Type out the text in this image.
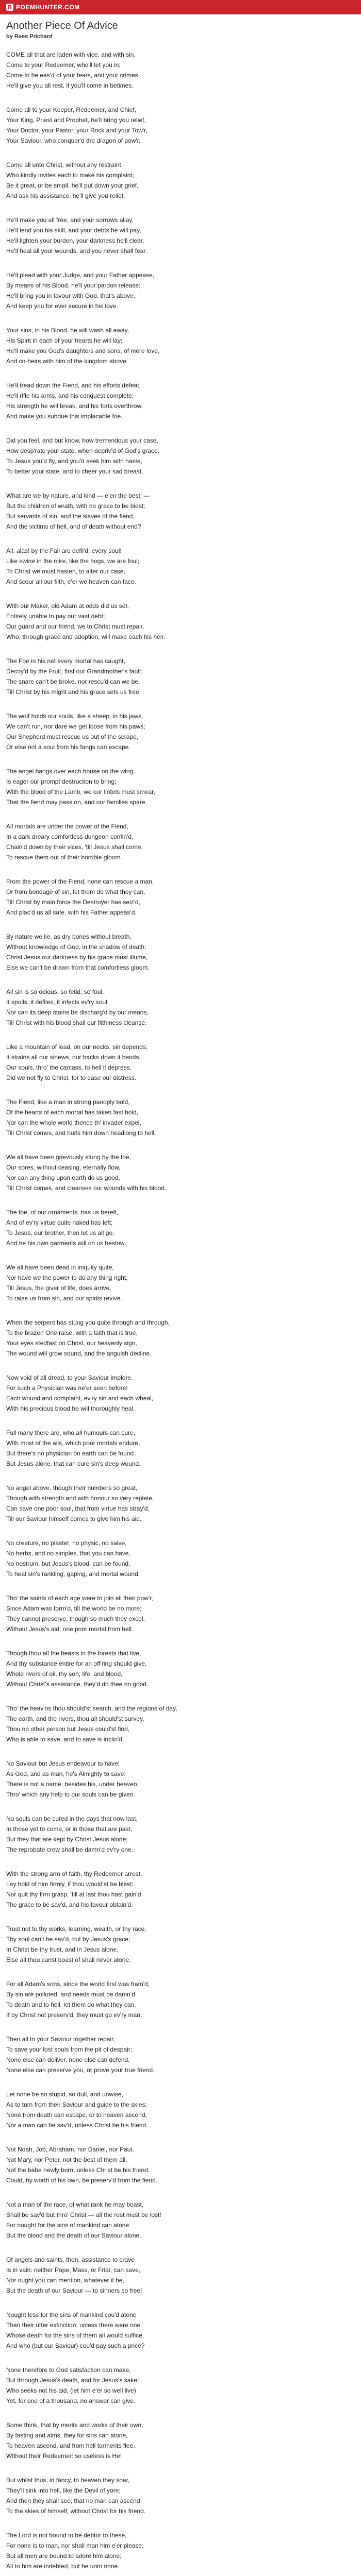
POEMHUNTER.COM
Another Piece Of Advice
by Rees Prichard
COME all that are laden with vice, and with sin,
Come to your Redeemer, who'll let you in;
Come to be eas'd of your fears, and your crimes,
He'll give you all rest, if you'll come in betimes.
Come all to your Keeper, Redeemer, and Chief,
Your King, Priest and Prophet, he'll bring you relief,
Your Doctor, your Pastor, your Rock and your Tow'r,
Your Saviour, who conquer'd the dragon of pow'r.
Come all unto Christ, without any restraint,
Who kindly invites each to make his complaint;
Be it great, or be small, he'll put down your grief,
And ask his assistance, he'll give you relief.
He'll make you all free, and your sorrows allay,
He'll lend you his skill, and your debts he will pay,
He'll lighten your burden, your darkness he'll clear,
He'll heal all your wounds, and you never shall fear.
He'll plead with your Judge, and your Father appease,
By means of his Blood, he'll your pardon release;
He'll bring you in favour with God, that's above,
And keep you for ever secure in his love.
Your sins, in his Blood, he will wash all away,
His Spirit in each of your hearts he will lay;
He'll make you God's daughters and sons, of mere love,
And co-heirs with him of the kingdom above.
He'll tread down the Fiend, and his efforts defeat,
He'll rifle his arms, and his conquest complete;
His strength he will break, and his forts overthrow,
And make you subdue this implacable foe.
Did you feel, and but know, how tremendous your case,
How desp'rate your state, when depriv'd of God's grace,
To Jesus you'd fly, and you'd seek him with haste,
To better your state, and to cheer your sad breast.
What are we by nature, and kind — e'en the best! —
But the children of wrath, with no grace to be blest;
But servants of sin, and the slaves of the fiend,
And the victims of hell, and of death without end?
All, alas! by the Fall are defil'd, every soul!
Like swine in the mire, like the hogs, we are foul;
To Christ we must hasten, to alter our case,
And scour all our filth, e'er we heaven can face.
With our Maker, old Adam at odds did us set,
Entirely unable to pay our vast debt;
Our guard and our friend, we to Christ must repair,
Who, through grace and adoption, will make each his heir.
The Foe in his net every mortal has caught,
Decoy'd by the Fruit, first our Grandmother's fault;
The snare can't be broke, nor rescu'd can we be,
Till Christ by his might and his grace sets us free.
The wolf holds our souls, like a sheep, in his jaws,
We can't run, nor dare we get loose from his paws;
Our Shepherd must rescue us out of the scrape,
Or else not a soul from his fangs can escape.
The angel hangs over each house on the wing,
Is eager our prompt destruction to bring;
With the blood of the Lamb, we our lintels must smear,
That the fiend may pass on, and our families spare.
All mortals are under the power of the Fiend,
In a dark dreary comfortless dungeon confin'd,
Chain'd down by their vices, 'till Jesus shall come,
To rescue them out of their horrible gloom.
From the power of the Fiend, none can rescue a man,
Or from bondage of sin, let them do what they can,
Till Christ by main force the Destroyer has seiz'd,
And plac'd us all safe, with his Father appeas'd.
By nature we lie, as dry bones without breath,
Without knowledge of God, in the shadow of death;
Christ Jesus our darkness by his grace must illume,
Else we can't be drawn from that comfortless gloom.
All sin is so odious, so fetid, so foul,
It spoils, it defiles, it infects ev'ry soul;
Nor can its deep stains be discharg'd by our means,
Till Christ with his blood shall our filthiness cleanse.
Like a mountain of lead, on our necks, sin depends;
It strains all our sinews, our backs down it bends,
Our souls, thro' the carcass, to hell it depress,
Did we not fly to Christ, for to ease our distress.
The Fiend, like a man in strong panoply bold,
Of the hearts of each mortal has taken fast hold,
Nor can the whole world thence th' invader expel,
Till Christ comes, and hurls him down headlong to hell.
We all have been grievously stung by the foe,
Our sores, without ceasing, eternally flow,
Nor can any thing upon earth do us good,
Till Christ comes, and cleanses our wounds with his blood.
The foe, of our ornaments, has us bereft,
And of ev'ry virtue quite naked has left;
To Jesus, our brother, then let us all go,
And he his own garments will on us bestow.
We all have been dead in iniquity quite,
Nor have we the power to do any thing right,
Till Jesus, the giver of life, does arrive,
To raise us from sin, and our spirits revive.
When the serpent has stung you quite through and through,
To the brazen One raise, with a faith that is true,
Your eyes stedfast on Christ, our heavenly sign,
The wound will grow sound, and the anguish decline.
Now void of all dread, to your Saviour implore,
For such a Physician was ne'er seen before!
Each wound and complaint, ev'ry sin and each wheal,
With his precious blood he will thoroughly heal.
Full many there are, who all humours can cure,
With most of the ails, which poor mortals endure,
But there's no physician on earth can be found
But Jesus alone, that can cure sin's deep wound.
No angel above, though their numbers so great,
Though with strength and with honour so very replete,
Can save one poor soul, that from virtue has stray'd,
Till our Saviour himself comes to give him his aid.
No creature, no plaster, no physic, no salve,
No herbs, and no simples, that you can have,
No nostrum, but Jesus's blood, can be found,
To heal sin's rankling, gaping, and mortal wound.
Tho' the saints of each age were to join all their pow'r,
Since Adam was form'd, till the world be no more;
They cannot preserve, though so much they excel,
Without Jesus's aid, one poor mortal from hell.
Though thou all the beasts in the forests that live,
And thy substance entire for an off'ring should give,
Whole rivers of oil, thy son, life, and blood,
Without Christ's assistance, they'd do thee no good.
Tho' the heav'ns thou should'st search, and the regions of day,
The earth, and the rivers, thou all should'st survey,
Thou no other person but Jesus could'st find,
Who is able to save, and to save is inclin'd.
No Saviour but Jesus endeavour to have!
As God, and as man, he's Almighty to save:
There is not a name, besides his, under heaven,
Thro' which any help to our souls can be given.
No souls can be cured in the days that now last,
In those yet to come, or in those that are past,
But they that are kept by Christ Jesus alone;
The reprobate crew shall be damn'd ev'ry one.
With the strong arm of faith, thy Redeemer arrest,
Lay hold of him firmly, if thou would'st be blest;
Nor quit thy firm grasp, 'till at last thou hast gain'd
The grace to be sav'd, and his favour obtain'd.
Trust not to thy works, learning, wealth, or thy race,
Thy soul can't be sav'd, but by Jesus's grace;
In Christ be thy trust, and in Jesus alone,
Else all thou canst boast of shall never atone.
For all Adam's sons, since the world first was fram'd,
By sin are polluted, and needs must be damn'd
To death and to hell, let them do what they can,
If by Christ not preserv'd, they must go ev'ry man.
Then all to your Saviour together repair,
To save your lost souls from the pit of despair;
None else can deliver, none else can defend,
None else can preserve you, or prove your true friend.
Let none be so stupid, so dull, and unwise,
As to turn from their Saviour and guide to the skies;
None from death can escape, or to heaven ascend,
Nor a man can be sav'd, unless Christ be his friend.
Not Noah, Job, Abraham, nor Daniel, nor Paul,
Not Mary, nor Peter, not the best of them all,
Not the babe newly born, unless Christ be his friend,
Could, by worth of his own, be preserv'd from the fiend.
Not a man of the race, of what rank he may boast,
Shall be sav'd but thro' Christ — all the rest must be lost!
For nought for the sins of mankind can atone
But the blood and the death of our Saviour alone.
Of angels and saints, then, assistance to crave
Is in vain: neither Pope, Mass, or Friar, can save,
Nor ought you can mention, whatever it be,
But the death of our Saviour — to sinners so free!
Nought less for the sins of mankind cou'd atone
Than their utter extinction; unless there were one
Whose death for the sins of them all would suffice,
And who (but our Saviour) cou'd pay such a price?
None therefore to God satisfaction can make,
But through Jesus's death, and for Jesus's sake:
Who seeks not his aid, (let him e'er so well live)
Yet, for one of a thousand, no answer can give.
Some think, that by merits and works of their own,
By fasting and alms, they for sins can atone,
To heaven ascend, and from hell torments flee,
Without their Redeemer: so useless is He!
But whilst thus, in fancy, to heaven they soar,
They'll sink into hell, like the Devil of yore;
And then they shall see, that no man can ascend
To the skies of himself, without Christ for his friend.
The Lord is not bound to be debtor to these,
For none is to man, nor shall man him e'er please;
But all men are bound to adore him alone;
All to him are indebted, but he unto none.
